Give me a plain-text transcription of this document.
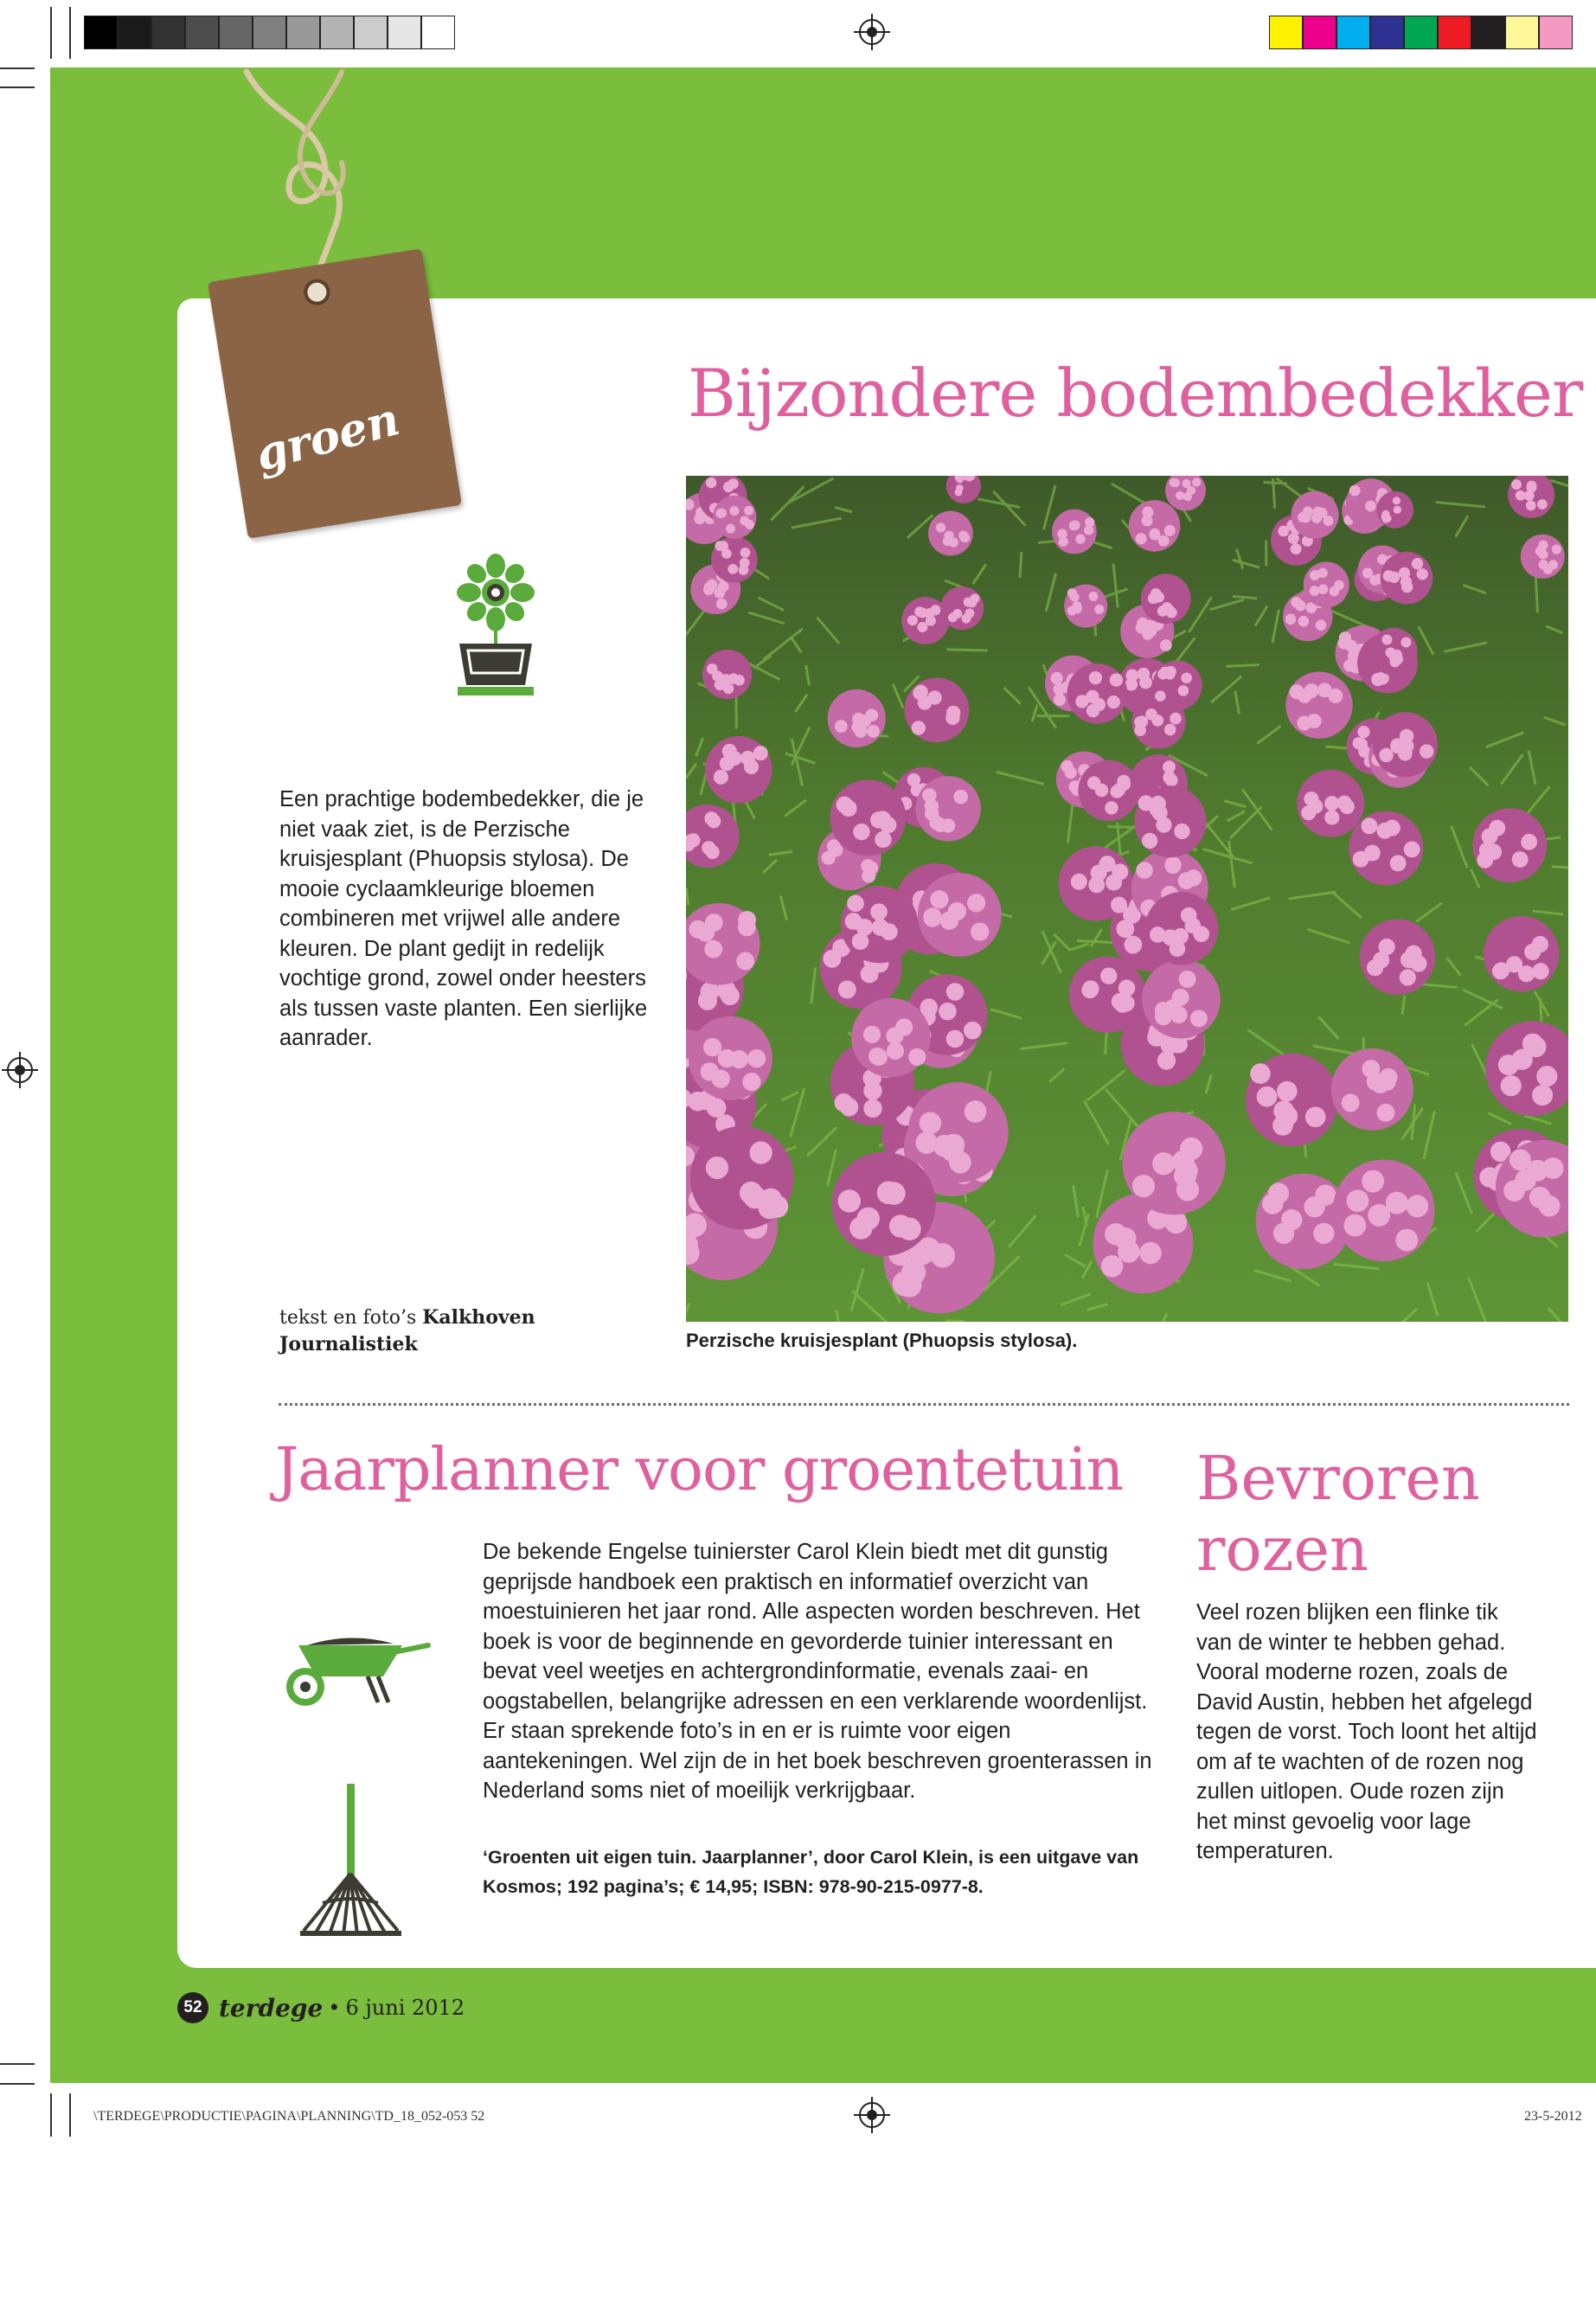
groen	Bijzondere bodembedekker
Een prachtige bodembedekker, die je niet vaak ziet, is de Perzische kruisjesplant (Phuopsis stylosa). De mooie cyclaamkleurige bloemen combineren met vrijwel alle andere kleuren. De plant gedijt in redelijk vochtige grond, zowel onder heesters als tussen vaste planten. Een sierlijke aanrader.
tekst en foto’s Kalkhoven Journalistiek	Perzische kruisjesplant (Phuopsis stylosa).
Jaarplanner voor groentetuin
De bekende Engelse tuinierster Carol Klein biedt met dit gunstig geprijsde handboek een praktisch en informatief overzicht van moestuinieren het jaar rond. Alle aspecten worden beschreven. Het boek is voor de beginnende en gevorderde tuinier interessant en bevat veel weetjes en achtergrondinformatie, evenals zaai- en oogstabellen, belangrijke adressen en een verklarende woordenlijst. Er staan sprekende foto’s in en er is ruimte voor eigen aantekeningen. Wel zijn de in het boek beschreven groenterassen in Nederland soms niet of moeilijk verkrijgbaar.
‘Groenten uit eigen tuin. Jaarplanner’, door Carol Klein, is een uitgave van Kosmos; 192 pagina’s; € 14,95; ISBN: 978-90-215-0977-8.
Bevroren rozen
Veel rozen blijken een flinke tik van de winter te hebben gehad. Vooral moderne rozen, zoals de David Austin, hebben het afgelegd tegen de vorst. Toch loont het altijd om af te wachten of de rozen nog zullen uitlopen. Oude rozen zijn het minst gevoelig voor lage temperaturen.
52 terdege • 6 juni 2012
\TERDEGE\PRODUCTIE\PAGINA\PLANNING\TD_18_052-053 52	23-5-2012
